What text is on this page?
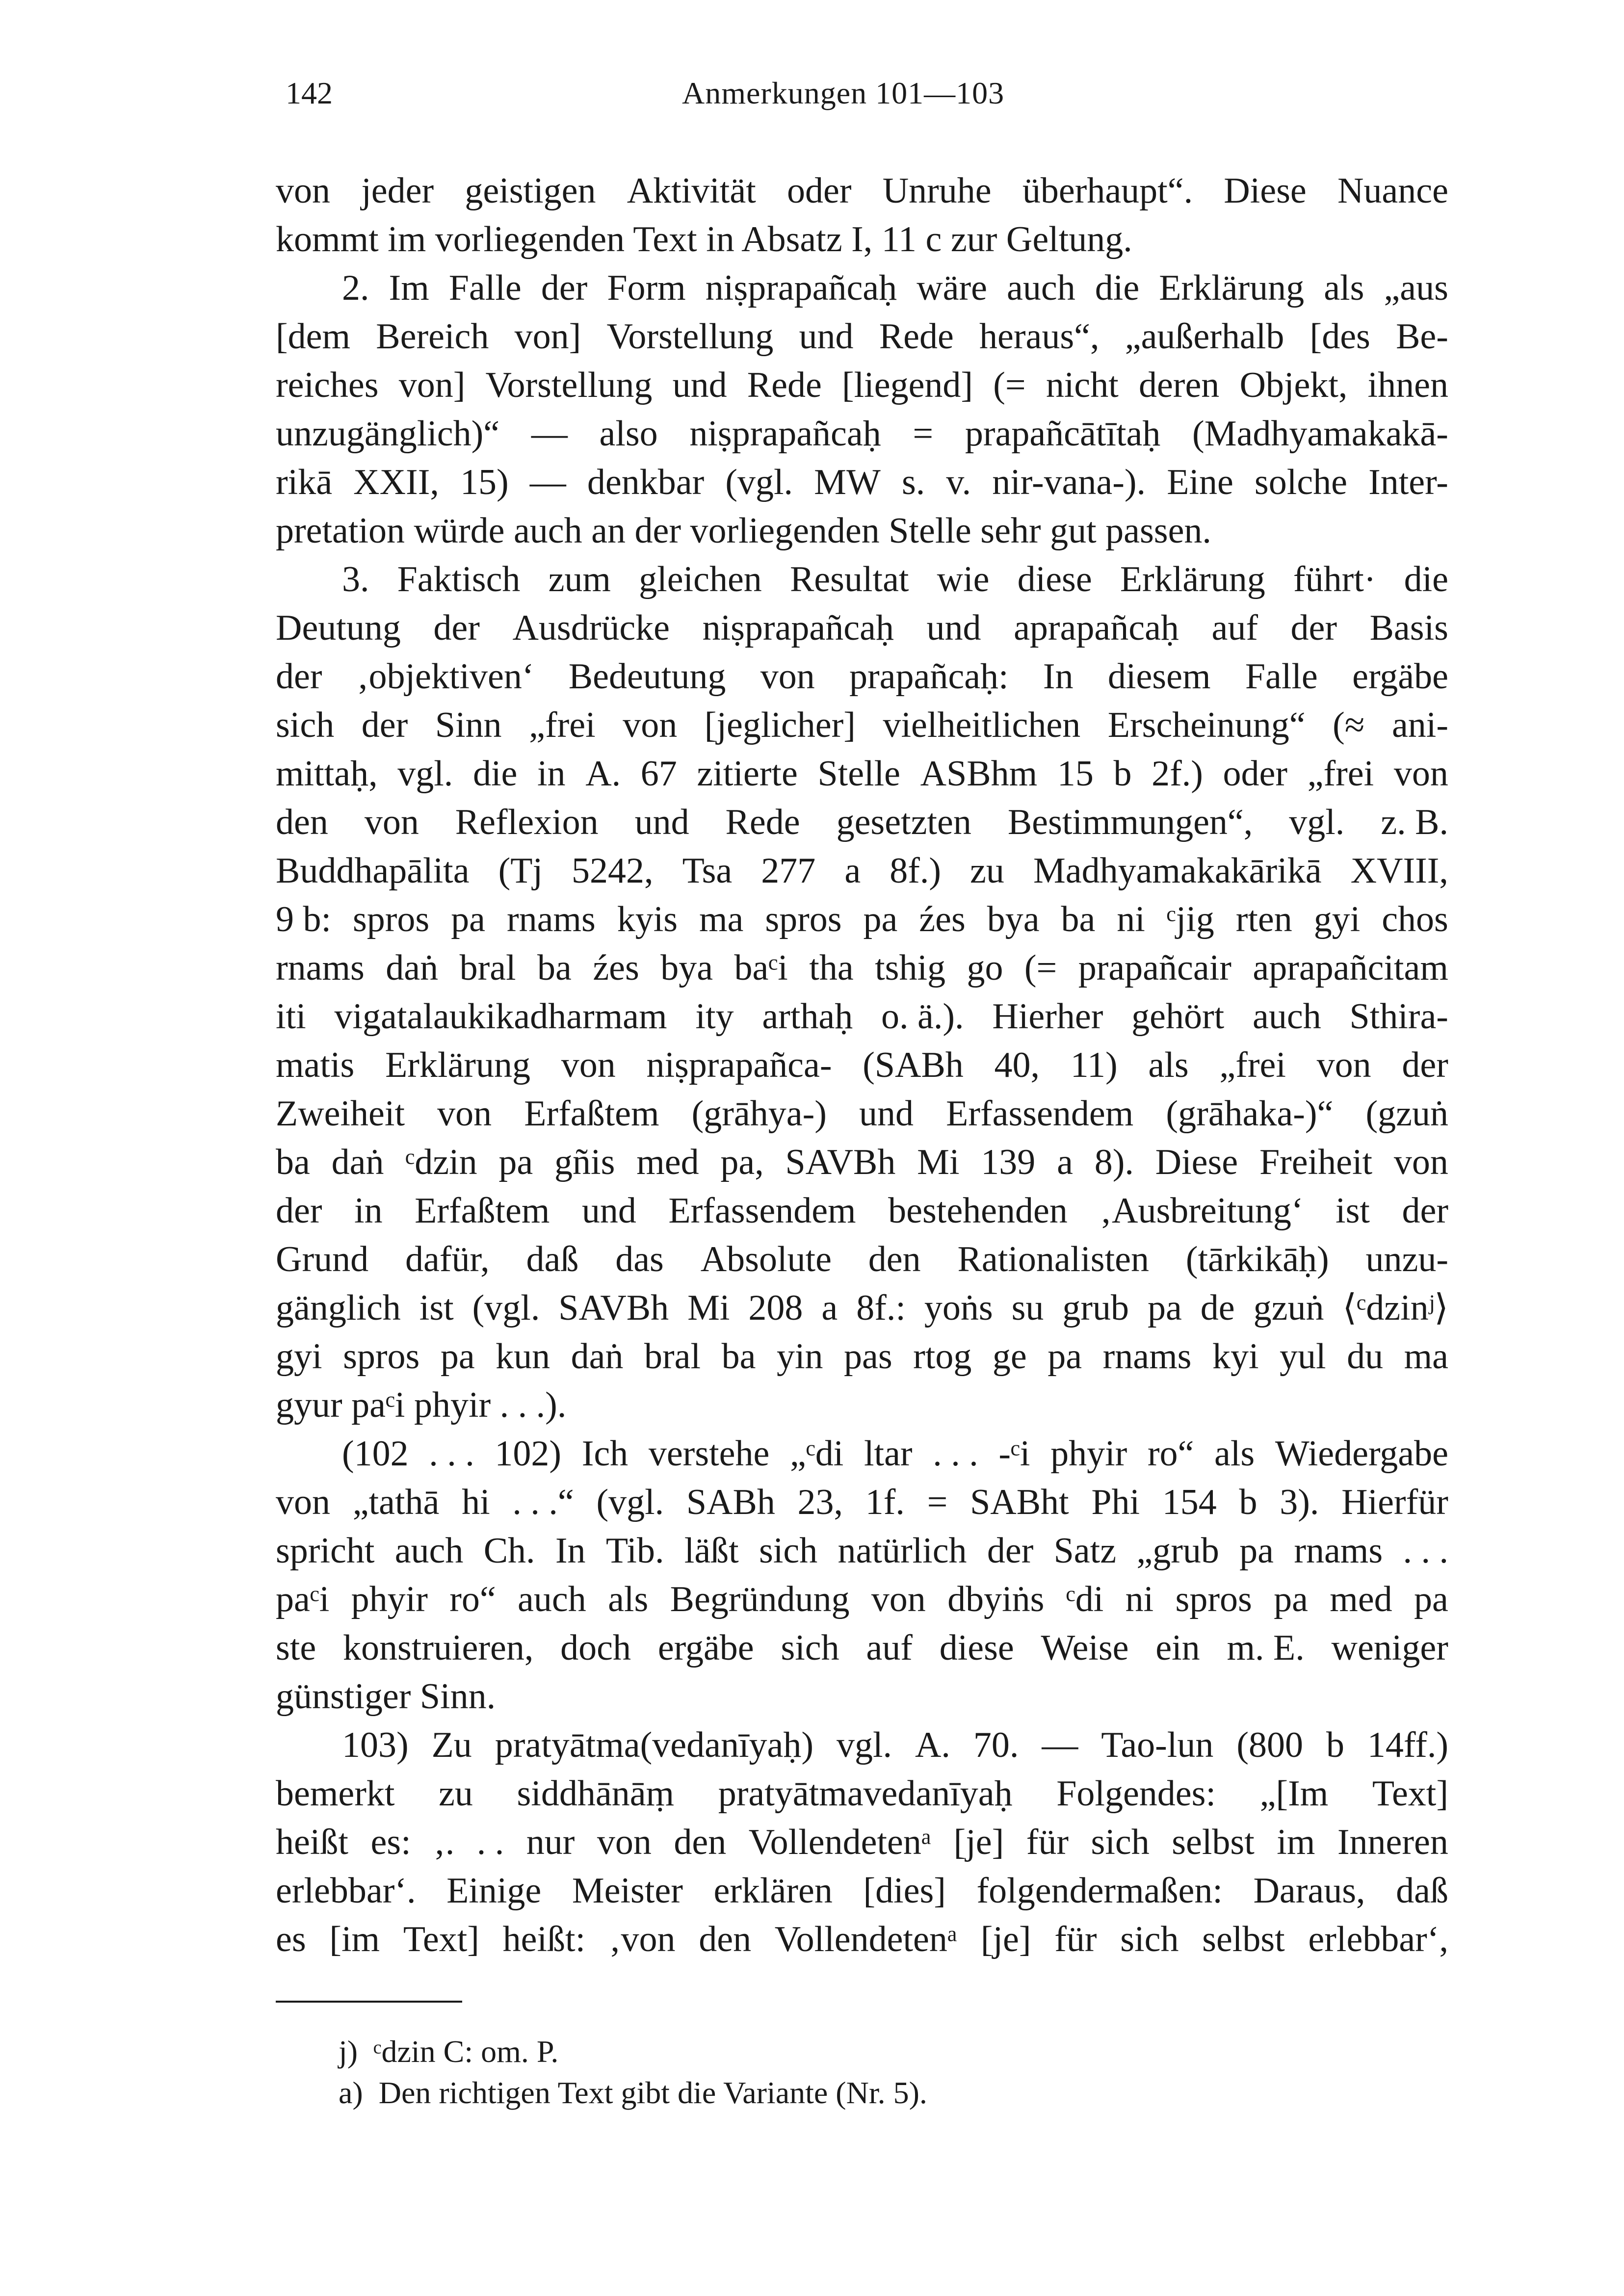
142	Anmerkungen 101—103
von jeder geistigen Aktivität oder Unruhe überhaupt“. Diese Nuance
kommt im vorliegenden Text in Absatz I, 11 c zur Geltung.
2. Im Falle der Form niṣprapañcaḥ wäre auch die Erklärung als „aus
[dem Bereich von] Vorstellung und Rede heraus“, „außerhalb [des Be-
reiches von] Vorstellung und Rede [liegend] (= nicht deren Objekt, ihnen
unzugänglich)“ — also niṣprapañcaḥ = prapañcātītaḥ (Madhyamakakā-
rikā XXII, 15) — denkbar (vgl. MW s. v. nir-vana-). Eine solche Inter-
pretation würde auch an der vorliegenden Stelle sehr gut passen.
3. Faktisch zum gleichen Resultat wie diese Erklärung führt· die
Deutung der Ausdrücke niṣprapañcaḥ und aprapañcaḥ auf der Basis
der ‚objektiven‘ Bedeutung von prapañcaḥ: In diesem Falle ergäbe
sich der Sinn „frei von [jeglicher] vielheitlichen Erscheinung“ (≈ ani-
mittaḥ, vgl. die in A. 67 zitierte Stelle ASBhm 15 b 2f.) oder „frei von
den von Reflexion und Rede gesetzten Bestimmungen“, vgl. z. B.
Buddhapālita (Tj 5242, Tsa 277 a 8f.) zu Madhyamakakārikā XVIII,
9 b: spros pa rnams kyis ma spros pa źes bya ba ni ᶜjig rten gyi chos
rnams daṅ bral ba źes bya baᶜi tha tshig go (= prapañcair aprapañcitam
iti vigatalaukikadharmam ity arthaḥ o. ä.). Hierher gehört auch Sthira-
matis Erklärung von niṣprapañca- (SABh 40, 11) als „frei von der
Zweiheit von Erfaßtem (grāhya-) und Erfassendem (grāhaka-)“ (gzuṅ
ba daṅ ᶜdzin pa gñis med pa, SAVBh Mi 139 a 8). Diese Freiheit von
der in Erfaßtem und Erfassendem bestehenden ‚Ausbreitung‘ ist der
Grund dafür, daß das Absolute den Rationalisten (tārkikāḥ) unzu-
gänglich ist (vgl. SAVBh Mi 208 a 8f.: yoṅs su grub pa de gzuṅ ⟨ᶜdzinʲ⟩
gyi spros pa kun daṅ bral ba yin pas rtog ge pa rnams kyi yul du ma
gyur paᶜi phyir . . .).
(102 . . . 102) Ich verstehe „ᶜdi ltar . . . -ᶜi phyir ro“ als Wiedergabe
von „tathā hi . . .“ (vgl. SABh 23, 1f. = SABht Phi 154 b 3). Hierfür
spricht auch Ch. In Tib. läßt sich natürlich der Satz „grub pa rnams . . .
paᶜi phyir ro“ auch als Begründung von dbyiṅs ᶜdi ni spros pa med pa
ste konstruieren, doch ergäbe sich auf diese Weise ein m. E. weniger
günstiger Sinn.
103) Zu pratyātma(vedanīyaḥ) vgl. A. 70. — Tao-lun (800 b 14ff.)
bemerkt zu siddhānāṃ pratyātmavedanīyaḥ Folgendes: „[Im Text]
heißt es: ‚. . . nur von den Vollendetenᵃ [je] für sich selbst im Inneren
erlebbar‘. Einige Meister erklären [dies] folgendermaßen: Daraus, daß
es [im Text] heißt: ‚von den Vollendetenᵃ [je] für sich selbst erlebbar‘,
j)  ᶜdzin C: om. P.
a)  Den richtigen Text gibt die Variante (Nr. 5).
